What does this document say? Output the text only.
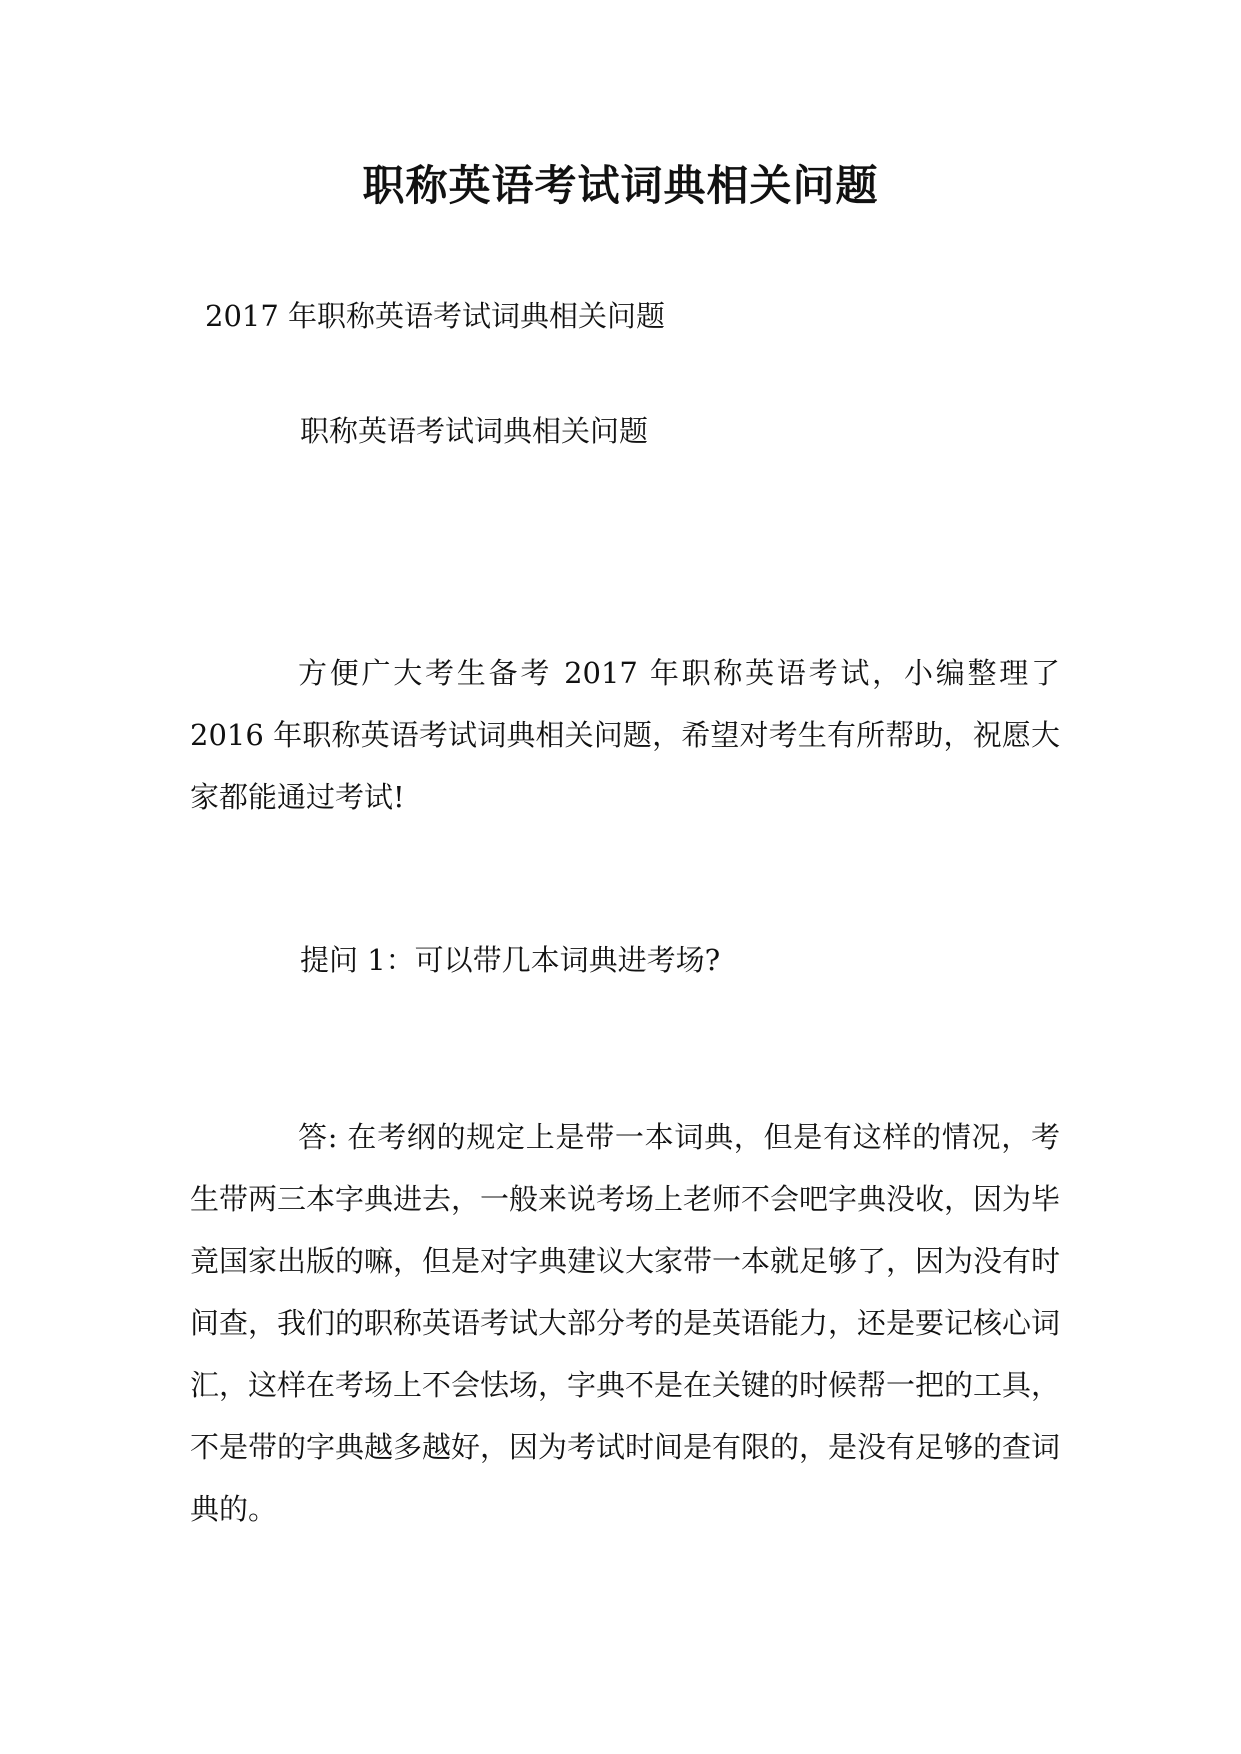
职称英语考试词典相关问题

2017 年职称英语考试词典相关问题

职称英语考试词典相关问题

方便广大考生备考 2017 年职称英语考试，小编整理了 2016 年职称英语考试词典相关问题，希望对考生有所帮助，祝愿大家都能通过考试!

提问 1：可以带几本词典进考场?

答: 在考纲的规定上是带一本词典，但是有这样的情况，考生带两三本字典进去，一般来说考场上老师不会吧字典没收，因为毕竟国家出版的嘛，但是对字典建议大家带一本就足够了，因为没有时间查，我们的职称英语考试大部分考的是英语能力，还是要记核心词汇，这样在考场上不会怯场，字典不是在关键的时候帮一把的工具，不是带的字典越多越好，因为考试时间是有限的，是没有足够的查词典的。
